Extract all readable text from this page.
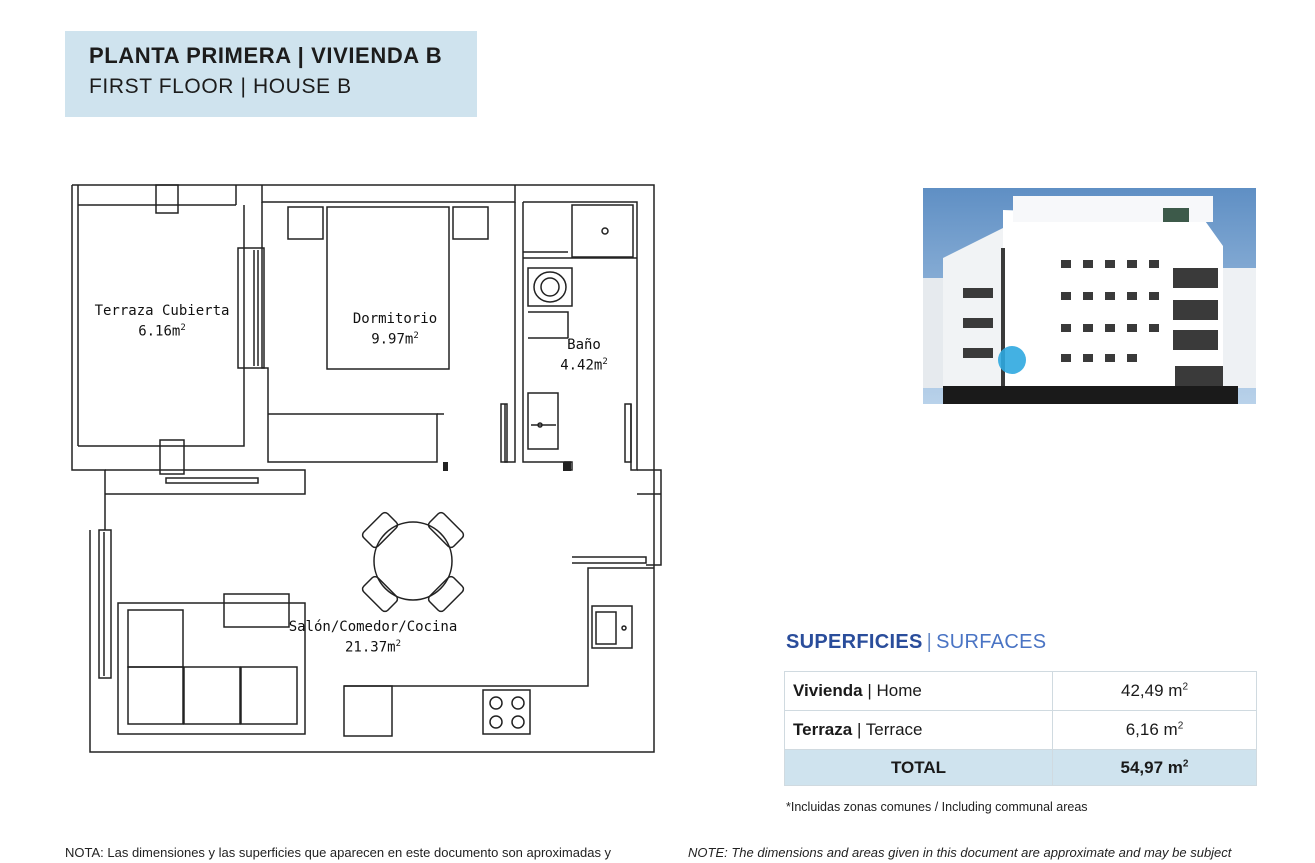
PLANTA PRIMERA | VIVIENDA B
FIRST FLOOR | HOUSE B
Terraza Cubierta
$6.16m^2$
Dormitorio
$9.97m^2$
Baño
$4.42m^2$
Salón/Comedor/Cocina
$21.37m^2$	SUPERFICIES | SURFACES
Vivienda | Home	42,49 $m^2$
Terraza | Terrace	6,16 $m^2$
TOTAL	54,97 $m^2$
*Incluidas zonas comunes / Including communal areas
NOTA: Las dimensiones y las superficies que aparecen en este documento son aproximadas y	NOTE: The dimensions and areas given in this document are approximate and may be subject
